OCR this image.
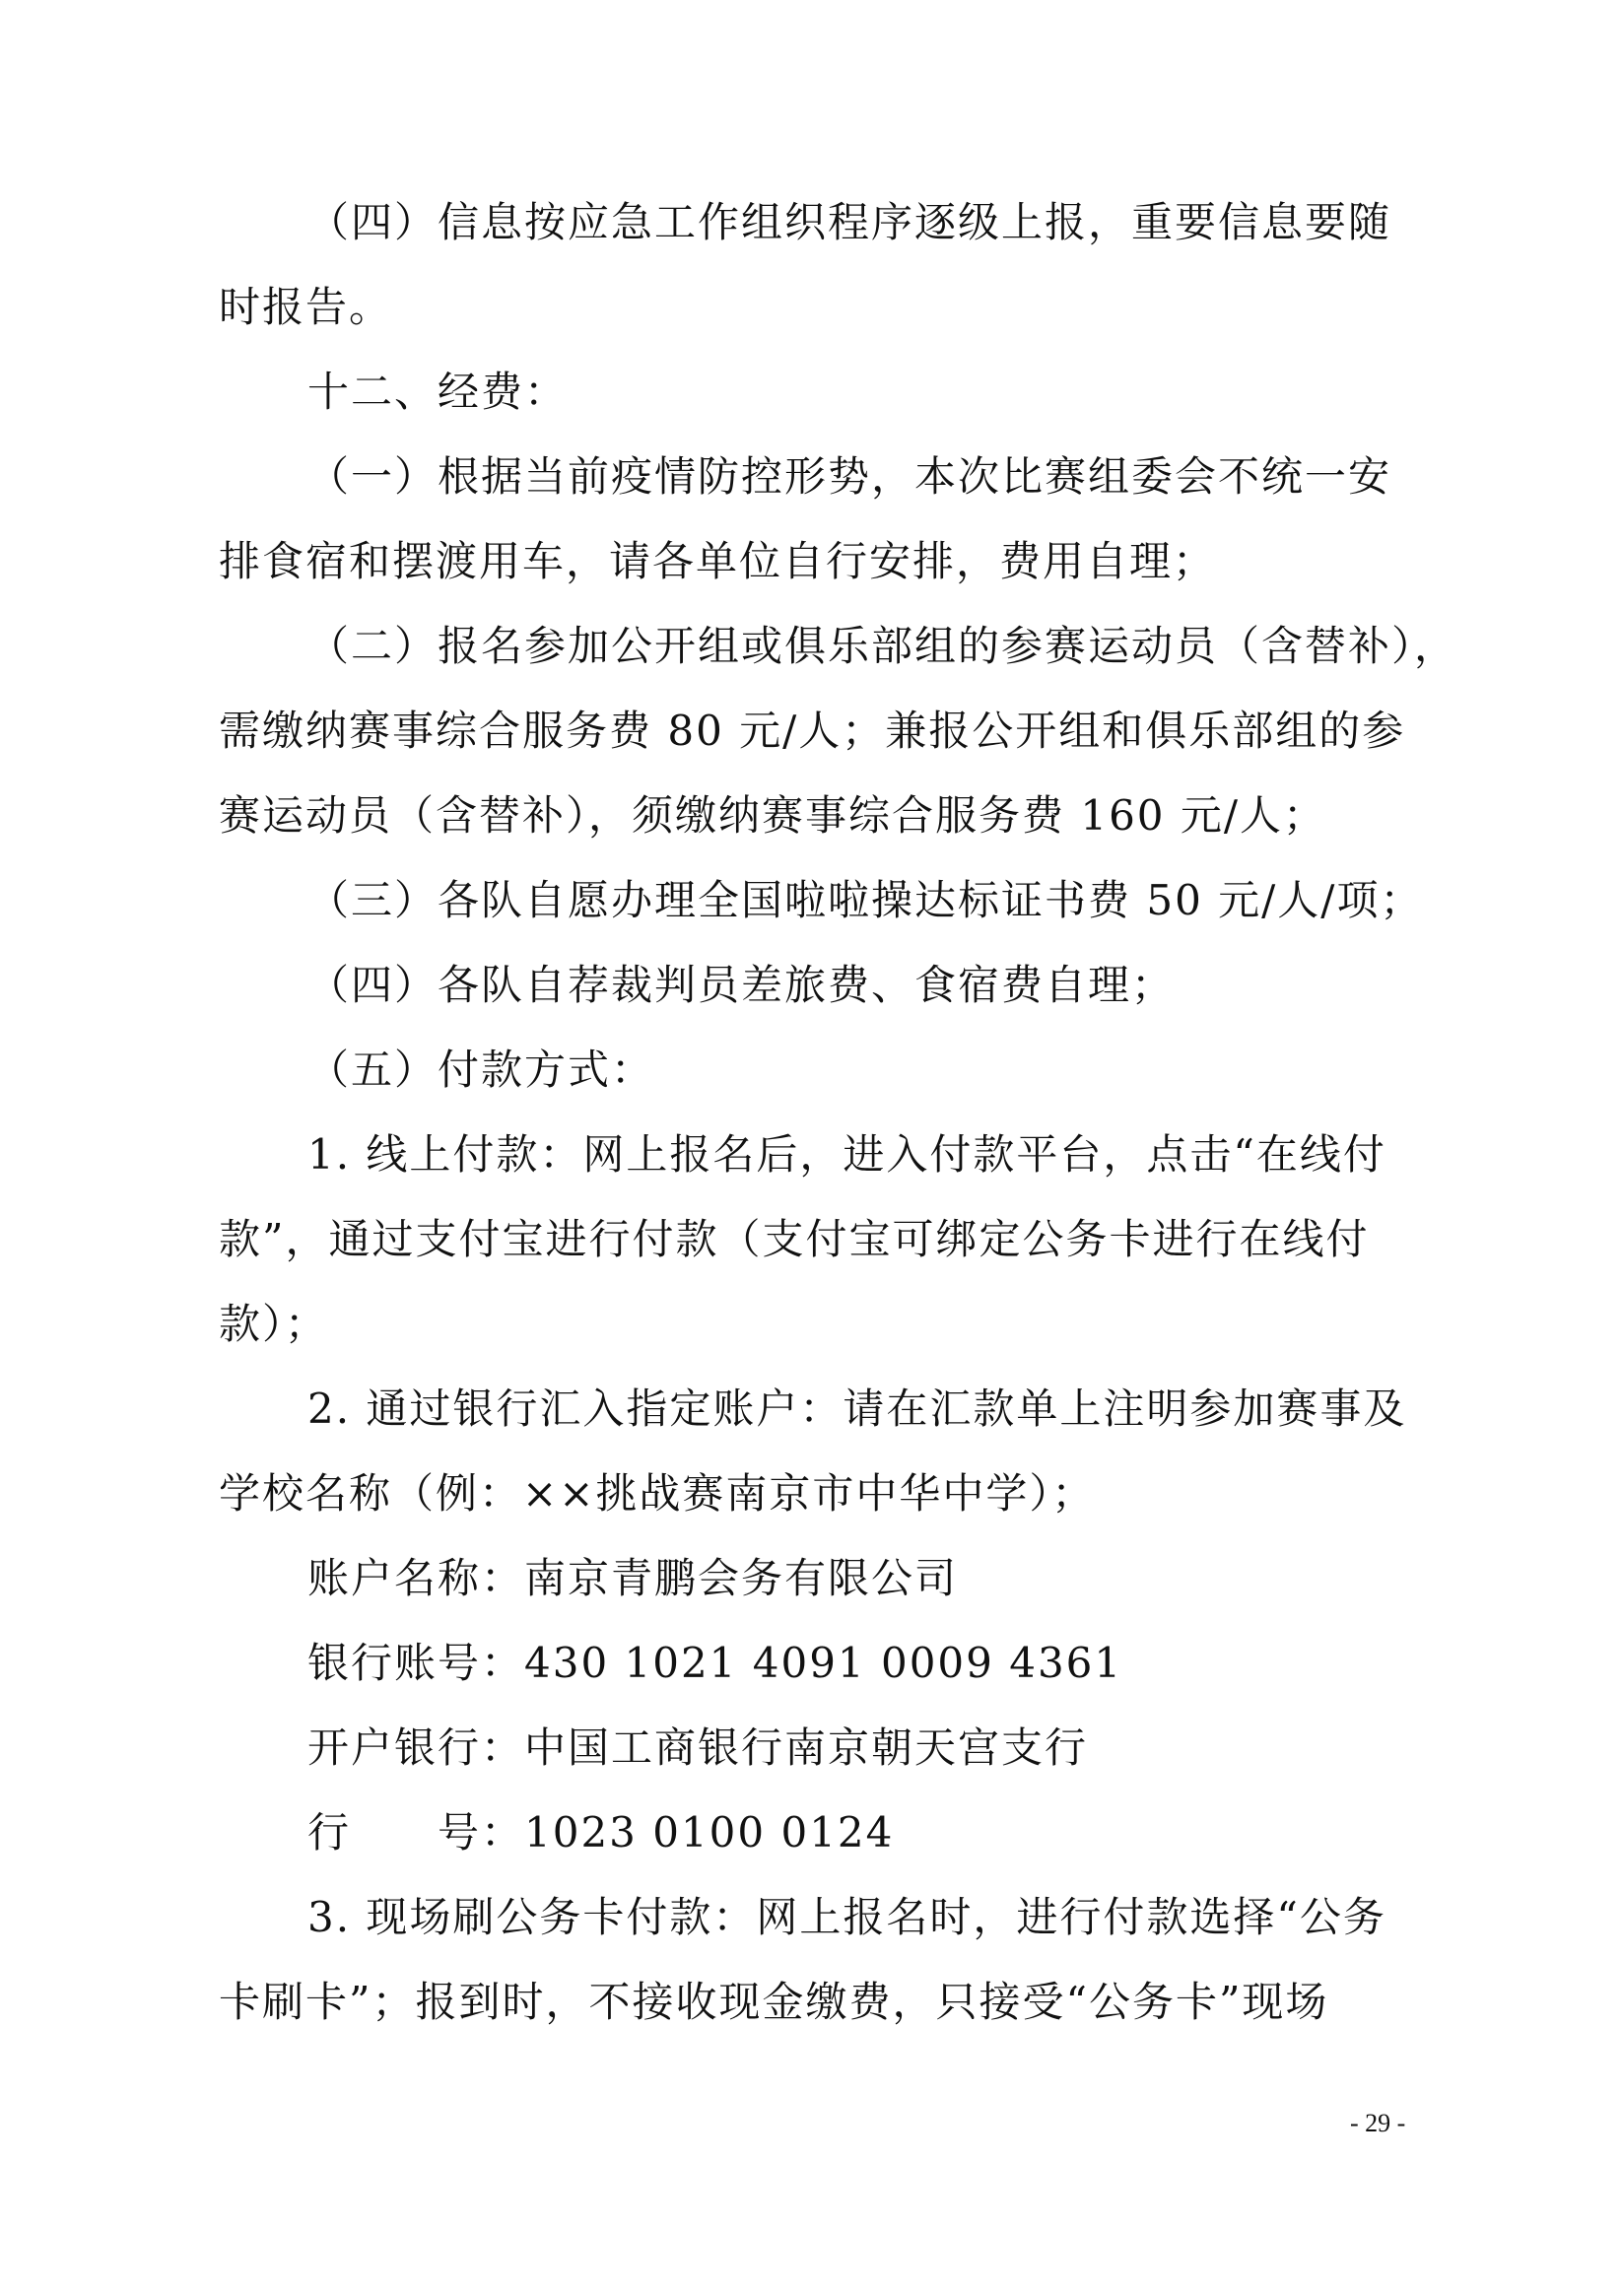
（四）信息按应急工作组织程序逐级上报，重要信息要随
时报告。
十二、经费：
（一）根据当前疫情防控形势，本次比赛组委会不统一安
排食宿和摆渡用车，请各单位自行安排，费用自理；
（二）报名参加公开组或俱乐部组的参赛运动员（含替补），
需缴纳赛事综合服务费 80 元/人；兼报公开组和俱乐部组的参
赛运动员（含替补），须缴纳赛事综合服务费 160 元/人；
（三）各队自愿办理全国啦啦操达标证书费 50 元/人/项；
（四）各队自荐裁判员差旅费、食宿费自理；
（五）付款方式：
1. 线上付款：网上报名后，进入付款平台，点击“在线付
款”，通过支付宝进行付款（支付宝可绑定公务卡进行在线付
款）；
2. 通过银行汇入指定账户：请在汇款单上注明参加赛事及
学校名称（例：××挑战赛南京市中华中学）；
账户名称：南京青鹏会务有限公司
银行账号：430 1021 4091 0009 4361
开户银行：中国工商银行南京朝天宫支行
行　　号：1023 0100 0124
3. 现场刷公务卡付款：网上报名时，进行付款选择“公务
卡刷卡”；报到时，不接收现金缴费，只接受“公务卡”现场
- 29 -
